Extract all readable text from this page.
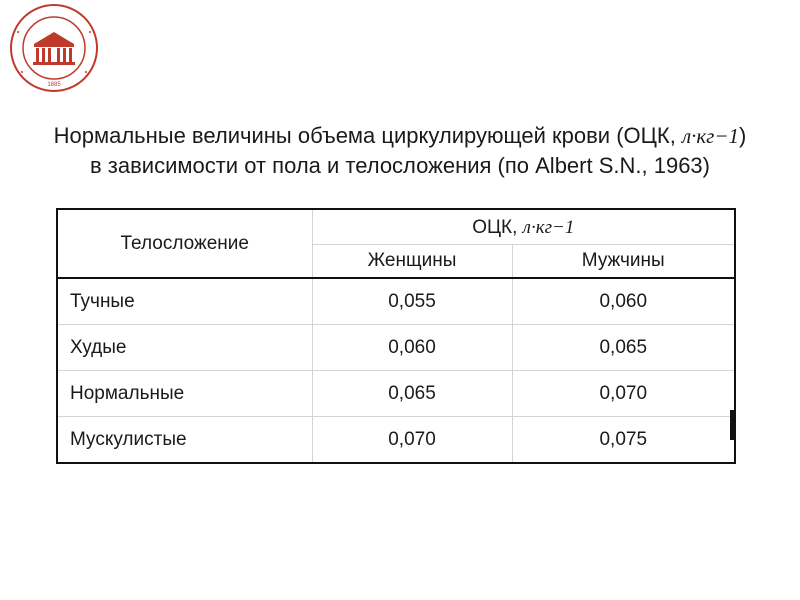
1885
Нормальные величины объема циркулирующей крови (ОЦК, л·кг−1)
в зависимости от пола и телосложения (по Albert S.N., 1963)
Телосложение	ОЦК, л·кг−1	
	Женщины	Мужчины
Тучные	0,055	0,060
Худые	0,060	0,065
Нормальные	0,065	0,070
Мускулистые	0,070	0,075
